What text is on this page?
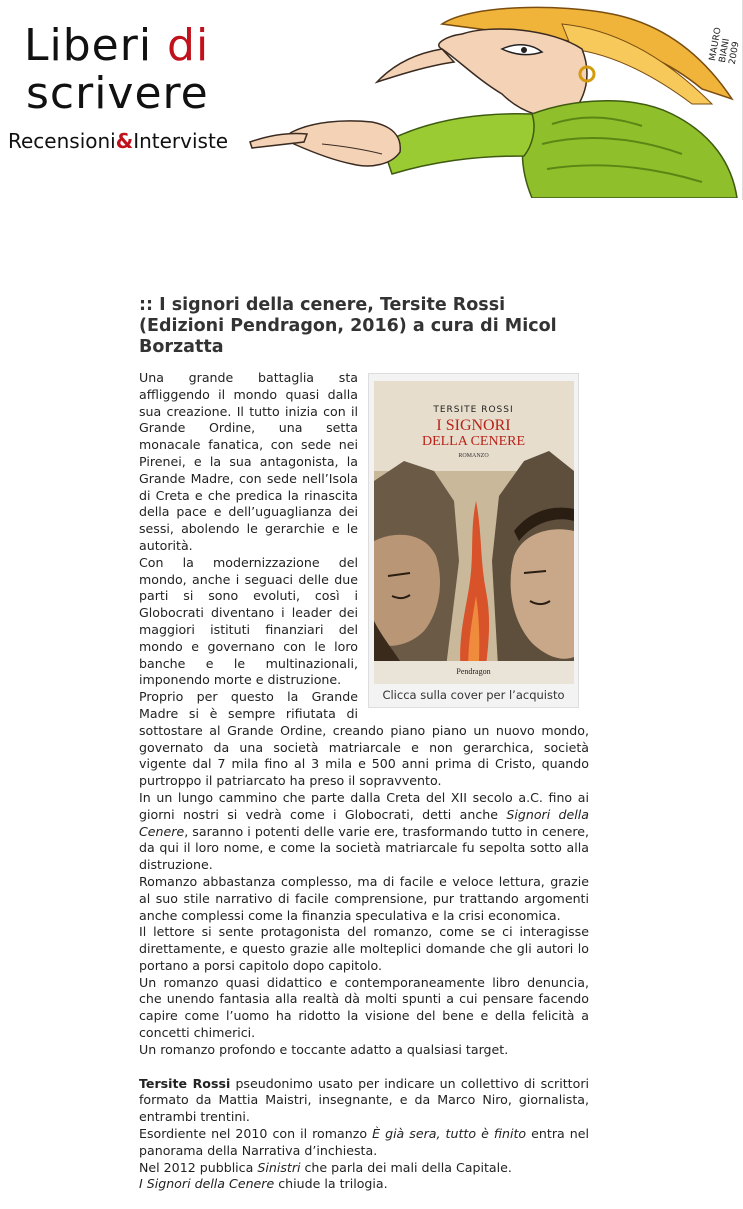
Liberi di
scrivere
Recensioni&Interviste
MAURO BIANI 2009
:: I signori della cenere, Tersite Rossi (Edizioni Pendragon, 2016) a cura di Micol Borzatta
TERSITE ROSSI
I SIGNORI
DELLA CENERE
ROMANZO
Pendragon
Clicca sulla cover per l’acquisto

Una grande battaglia sta affliggendo il mondo quasi dalla sua creazione. Il tutto inizia con il Grande Ordine, una setta monacale fanatica, con sede nei Pirenei, e la sua antagonista, la Grande Madre, con sede nell’Isola di Creta e che predica la rinascita della pace e dell’uguaglianza dei sessi, abolendo le gerarchie e le autorità.

Con la modernizzazione del mondo, anche i seguaci delle due parti si sono evoluti, così i Globocrati diventano i leader dei maggiori istituti finanziari del mondo e governano con le loro banche e le multinazionali, imponendo morte e distruzione.

Proprio per questo la Grande Madre si è sempre rifiutata di sottostare al Grande Ordine, creando piano piano un nuovo mondo, governato da una società matriarcale e non gerarchica, società vigente dal 7 mila fino al 3 mila e 500 anni prima di Cristo, quando purtroppo il patriarcato ha preso il sopravvento.

In un lungo cammino che parte dalla Creta del XII secolo a.C. fino ai giorni nostri si vedrà come i Globocrati, detti anche Signori della Cenere, saranno i potenti delle varie ere, trasformando tutto in cenere, da qui il loro nome, e come la società matriarcale fu sepolta sotto alla distruzione.

Romanzo abbastanza complesso, ma di facile e veloce lettura, grazie al suo stile narrativo di facile comprensione, pur trattando argomenti anche complessi come la finanzia speculativa e la crisi economica.

Il lettore si sente protagonista del romanzo, come se ci interagisse direttamente, e questo grazie alle molteplici domande che gli autori lo portano a porsi capitolo dopo capitolo.

Un romanzo quasi didattico e contemporaneamente libro denuncia, che unendo fantasia alla realtà dà molti spunti a cui pensare facendo capire come l’uomo ha ridotto la visione del bene e della felicità a concetti chimerici.

Un romanzo profondo e toccante adatto a qualsiasi target.

Tersite Rossi pseudonimo usato per indicare un collettivo di scrittori formato da Mattia Maistri, insegnante, e da Marco Niro, giornalista, entrambi trentini.

Esordiente nel 2010 con il romanzo È già sera, tutto è finito entra nel panorama della Narrativa d’inchiesta.

Nel 2012 pubblica Sinistri che parla dei mali della Capitale.

I Signori della Cenere chiude la trilogia.
